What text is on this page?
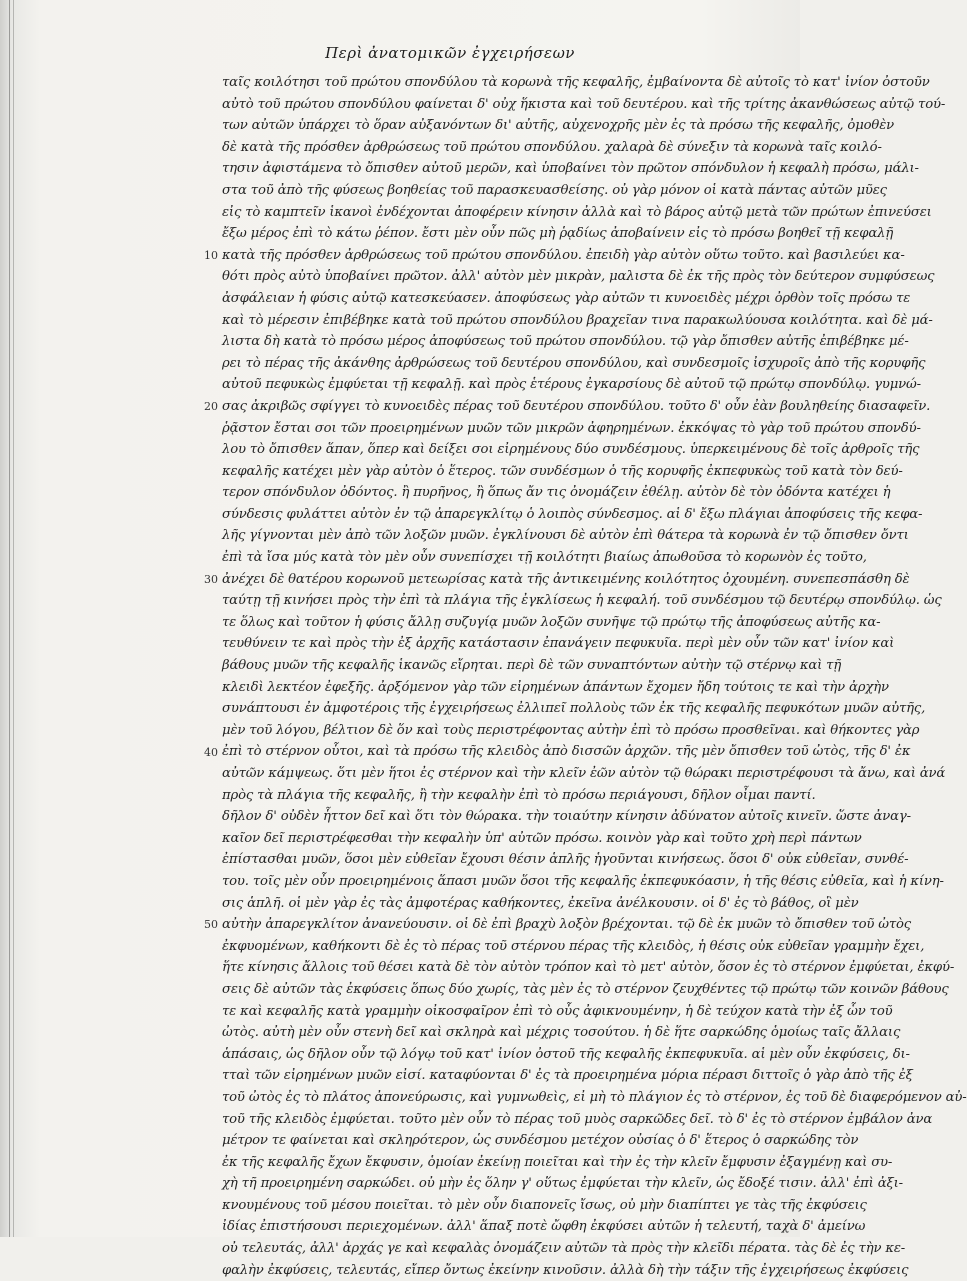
Περὶ ἀνατομικῶν ἐγχειρήσεων
ταῖς κοιλότησι τοῦ πρώτου σπονδύλου τὰ κορωνὰ τῆς κεφαλῆς, ἐμβαίνοντα δὲ αὐτοῖς τὸ κατ' ἰνίον ὀστοῦν
αὐτὸ τοῦ πρώτου σπονδύλου φαίνεται δ' οὐχ ἥκιστα καὶ τοῦ δευτέρου. καὶ τῆς τρίτης ἀκανθώσεως αὐτῷ τού-
των αὐτῶν ὑπάρχει τὸ ὅραν αὐξανόντων δι' αὐτῆς, αὐχενοχρῆς μὲν ἐς τὰ πρόσω τῆς κεφαλῆς, ὀμοθὲν
δὲ κατὰ τῆς πρόσθεν ἀρθρώσεως τοῦ πρώτου σπονδύλου. χαλαρὰ δὲ σύνεξιν τὰ κορωνὰ ταῖς κοιλό-
τησιν ἀφιστάμενα τὸ ὄπισθεν αὐτοῦ μερῶν, καὶ ὑποβαίνει τὸν πρῶτον σπόνδυλον ἡ κεφαλὴ πρόσω, μάλι-
στα τοῦ ἀπὸ τῆς φύσεως βοηθείας τοῦ παρασκευασθείσης. οὐ γὰρ μόνον οἱ κατὰ πάντας αὐτῶν μῦες
εἰς τὸ καμπτεῖν ἱκανοὶ ἐνδέχονται ἀποφέρειν κίνησιν ἀλλὰ καὶ τὸ βάρος αὐτῷ μετὰ τῶν πρώτων ἐπινεύσει
ἔξω μέρος ἐπὶ τὸ κάτω ῥέπον. ἔστι μὲν οὖν πῶς μὴ ῥᾳδίως ἀποβαίνειν εἰς τὸ πρόσω βοηθεῖ τῇ κεφαλῇ
κατὰ τῆς πρόσθεν ἀρθρώσεως τοῦ πρώτου σπονδύλου. ἐπειδὴ γὰρ αὐτὸν οὕτω τοῦτο. καὶ βασιλεύει κα-
θότι πρὸς αὐτὸ ὑποβαίνει πρῶτον. ἀλλ' αὐτὸν μὲν μικρὰν, μαλιστα δὲ ἐκ τῆς πρὸς τὸν δεύτερον συμφύσεως
ἀσφάλειαν ἡ φύσις αὐτῷ κατεσκεύασεν. ἀποφύσεως γὰρ αὐτῶν τι κυνοειδὲς μέχρι ὀρθὸν τοῖς πρόσω τε
καὶ τὸ μέρεσιν ἐπιβέβηκε κατὰ τοῦ πρώτου σπονδύλου βραχεῖαν τινα παρακωλύουσα κοιλότητα. καὶ δὲ μά-
λιστα δὴ κατὰ τὸ πρόσω μέρος ἀποφύσεως τοῦ πρώτου σπονδύλου. τῷ γὰρ ὄπισθεν αὐτῆς ἐπιβέβηκε μέ-
ρει τὸ πέρας τῆς ἀκάνθης ἀρθρώσεως τοῦ δευτέρου σπονδύλου, καὶ συνδεσμοῖς ἰσχυροῖς ἀπὸ τῆς κορυφῆς
αὐτοῦ πεφυκὼς ἐμφύεται τῇ κεφαλῇ. καὶ πρὸς ἑτέρους ἐγκαρσίους δὲ αὐτοῦ τῷ πρώτῳ σπονδύλῳ. γυμνώ-
σας ἀκριβῶς σφίγγει τὸ κυνοειδὲς πέρας τοῦ δευτέρου σπονδύλου. τοῦτο δ' οὖν ἐὰν βουληθείης διασαφεῖν.
ῥᾷστον ἔσται σοι τῶν προειρημένων μυῶν τῶν μικρῶν ἀφηρημένων. ἐκκόψας τὸ γὰρ τοῦ πρώτου σπονδύ-
λου τὸ ὄπισθεν ἅπαν, ὅπερ καὶ δείξει σοι εἰρημένους δύο συνδέσμους. ὑπερκειμένους δὲ τοῖς ἀρθροῖς τῆς
κεφαλῆς κατέχει μὲν γὰρ αὐτὸν ὁ ἕτερος. τῶν συνδέσμων ὁ τῆς κορυφῆς ἐκπεφυκὼς τοῦ κατὰ τὸν δεύ-
τερον σπόνδυλον ὀδόντος. ἢ πυρῆνος, ἢ ὅπως ἄν τις ὀνομάζειν ἐθέλῃ. αὐτὸν δὲ τὸν ὀδόντα κατέχει ἡ
σύνδεσις φυλάττει αὐτὸν ἐν τῷ ἀπαρεγκλίτῳ ὁ λοιπὸς σύνδεσμος. αἱ δ' ἔξω πλάγιαι ἀποφύσεις τῆς κεφα-
λῆς γίγνονται μὲν ἀπὸ τῶν λοξῶν μυῶν. ἐγκλίνουσι δὲ αὐτὸν ἐπὶ θάτερα τὰ κορωνὰ ἐν τῷ ὄπισθεν ὄντι
ἐπὶ τὰ ἴσα μύς κατὰ τὸν μὲν οὖν συνεπίσχει τῇ κοιλότητι βιαίως ἀπωθοῦσα τὸ κορωνὸν ἐς τοῦτο,
ἀνέχει δὲ θατέρου κορωνοῦ μετεωρίσας κατὰ τῆς ἀντικειμένης κοιλότητος ὀχουμένη. συνεπεσπάσθη δὲ
ταύτῃ τῇ κινήσει πρὸς τὴν ἐπὶ τὰ πλάγια τῆς ἐγκλίσεως ἡ κεφαλή. τοῦ συνδέσμου τῷ δευτέρῳ σπονδύλῳ. ὡς
τε ὅλως καὶ τοῦτον ἡ φύσις ἄλλῃ συζυγίᾳ μυῶν λοξῶν συνῆψε τῷ πρώτῳ τῆς ἀποφύσεως αὐτῆς κα-
τευθύνειν τε καὶ πρὸς τὴν ἐξ ἀρχῆς κατάστασιν ἐπανάγειν πεφυκυῖα. περὶ μὲν οὖν τῶν κατ' ἰνίον καὶ
βάθους μυῶν τῆς κεφαλῆς ἱκανῶς εἴρηται. περὶ δὲ τῶν συναπτόντων αὐτὴν τῷ στέρνῳ καὶ τῇ
κλειδὶ λεκτέον ἐφεξῆς. ἀρξόμενον γὰρ τῶν εἰρημένων ἁπάντων ἔχομεν ἤδη τούτοις τε καὶ τὴν ἀρχὴν
συνάπτουσι ἐν ἀμφοτέροις τῆς ἐγχειρήσεως ἐλλιπεῖ πολλοὺς τῶν ἐκ τῆς κεφαλῆς πεφυκότων μυῶν αὐτῆς,
μὲν τοῦ λόγου, βέλτιον δὲ ὅν καὶ τοὺς περιστρέφοντας αὐτὴν ἐπὶ τὸ πρόσω προσθεῖναι. καὶ θήκοντες γὰρ
ἐπὶ τὸ στέρνον οὗτοι, καὶ τὰ πρόσω τῆς κλειδὸς ἀπὸ δισσῶν ἀρχῶν. τῆς μὲν ὄπισθεν τοῦ ὠτὸς, τῆς δ' ἐκ
αὐτῶν κάμψεως. ὅτι μὲν ἥτοι ἐς στέρνον καὶ τὴν κλεῖν ἐῶν αὐτὸν τῷ θώρακι περιστρέφουσι τὰ ἄνω, καὶ ἀνά
πρὸς τὰ πλάγια τῆς κεφαλῆς, ἢ τὴν κεφαλὴν ἐπὶ τὸ πρόσω περιάγουσι, δῆλον οἶμαι παντί.
δῆλον δ' οὐδὲν ἧττον δεῖ καὶ ὅτι τὸν θώρακα. τὴν τοιαύτην κίνησιν ἀδύνατον αὐτοῖς κινεῖν. ὥστε ἀναγ-
καῖον δεῖ περιστρέφεσθαι τὴν κεφαλὴν ὑπ' αὐτῶν πρόσω. κοινὸν γὰρ καὶ τοῦτο χρὴ περὶ πάντων
ἐπίστασθαι μυῶν, ὅσοι μὲν εὐθεῖαν ἔχουσι θέσιν ἁπλῆς ἡγοῦνται κινήσεως. ὅσοι δ' οὐκ εὐθεῖαν, συνθέ-
του. τοῖς μὲν οὖν προειρημένοις ἅπασι μυῶν ὅσοι τῆς κεφαλῆς ἐκπεφυκόασιν, ἡ τῆς θέσις εὐθεῖα, καὶ ἡ κίνη-
σις ἁπλῆ. οἱ μὲν γὰρ ἐς τὰς ἀμφοτέρας καθήκοντες, ἐκεῖνα ἀνέλκουσιν. οἱ δ' ἐς τὸ βάθος, οἳ μὲν
αὐτὴν ἀπαρεγκλίτον ἀνανεύουσιν. οἱ δὲ ἐπὶ βραχὺ λοξὸν βρέχονται. τῷ δὲ ἐκ μυῶν τὸ ὄπισθεν τοῦ ὠτὸς
ἐκφυομένων, καθήκοντι δὲ ἐς τὸ πέρας τοῦ στέρνου πέρας τῆς κλειδὸς, ἡ θέσις οὐκ εὐθεῖαν γραμμὴν ἔχει,
ἥτε κίνησις ἄλλοις τοῦ θέσει κατὰ δὲ τὸν αὐτὸν τρόπον καὶ τὸ μετ' αὐτὸν, ὅσον ἐς τὸ στέρνον ἐμφύεται, ἐκφύ-
σεις δὲ αὐτῶν τὰς ἐκφύσεις ὅπως δύο χωρίς, τὰς μὲν ἐς τὸ στέρνον ζευχθέντες τῷ πρώτῳ τῶν κοινῶν βάθους
τε καὶ κεφαλῆς κατὰ γραμμὴν οἰκοσφαῖρον ἐπὶ τὸ οὖς ἀφικνουμένην, ἡ δὲ τεύχον κατὰ τὴν ἐξ ὧν τοῦ
ὠτὸς. αὐτὴ μὲν οὖν στενὴ δεῖ καὶ σκληρὰ καὶ μέχρις τοσούτου. ἡ δὲ ἥτε σαρκώδης ὁμοίως ταῖς ἄλλαις
ἁπάσαις, ὡς δῆλον οὖν τῷ λόγῳ τοῦ κατ' ἰνίον ὀστοῦ τῆς κεφαλῆς ἐκπεφυκυῖα. αἱ μὲν οὖν ἐκφύσεις, δι-
τταὶ τῶν εἰρημένων μυῶν εἰσί. καταφύονται δ' ἐς τὰ προειρημένα μόρια πέρασι διττοῖς ὁ γὰρ ἀπὸ τῆς ἐξ
τοῦ ὠτὸς ἐς τὸ πλάτος ἀπονεύρωσις, καὶ γυμνωθεὶς, εἰ μὴ τὸ πλάγιον ἐς τὸ στέρνον, ἐς τοῦ δὲ διαφερόμενον αὐ-
τοῦ τῆς κλειδὸς ἐμφύεται. τοῦτο μὲν οὖν τὸ πέρας τοῦ μυὸς σαρκῶδες δεῖ. τὸ δ' ἐς τὸ στέρνον ἐμβάλον ἀνα
μέτρον τε φαίνεται καὶ σκληρότερον, ὡς συνδέσμου μετέχον οὐσίας ὁ δ' ἕτερος ὁ σαρκώδης τὸν
ἐκ τῆς κεφαλῆς ἔχων ἔκφυσιν, ὁμοίαν ἐκείνῃ ποιεῖται καὶ τὴν ἐς τὴν κλεῖν ἔμφυσιν ἐξαγμένῃ καὶ συ-
χὴ τῆ προειρημένη σαρκώδει. οὐ μὴν ἐς ὅλην γ' οὕτως ἐμφύεται τὴν κλεῖν, ὡς ἔδοξέ τισιν. ἀλλ' ἐπὶ ἀξι-
κνουμένους τοῦ μέσου ποιεῖται. τὸ μὲν οὖν διαπονεῖς ἴσως, οὐ μὴν διαπίπτει γε τὰς τῆς ἐκφύσεις
ἰδίας ἐπιστήσουσι περιεχομένων. ἀλλ' ἅπαξ ποτὲ ὤφθη ἐκφύσει αὐτῶν ἡ τελευτή, ταχὰ δ' ἀμείνω
οὐ τελευτάς, ἀλλ' ἀρχάς γε καὶ κεφαλὰς ὀνομάζειν αὐτῶν τὰ πρὸς τὴν κλεῖδι πέρατα. τὰς δὲ ἐς τὴν κε-
φαλὴν ἐκφύσεις, τελευτάς, εἴπερ ὄντως ἐκείνην κινοῦσιν. ἀλλὰ δὴ τὴν τάξιν τῆς ἐγχειρήσεως ἐκφύσεις
10
20
30
40
50
